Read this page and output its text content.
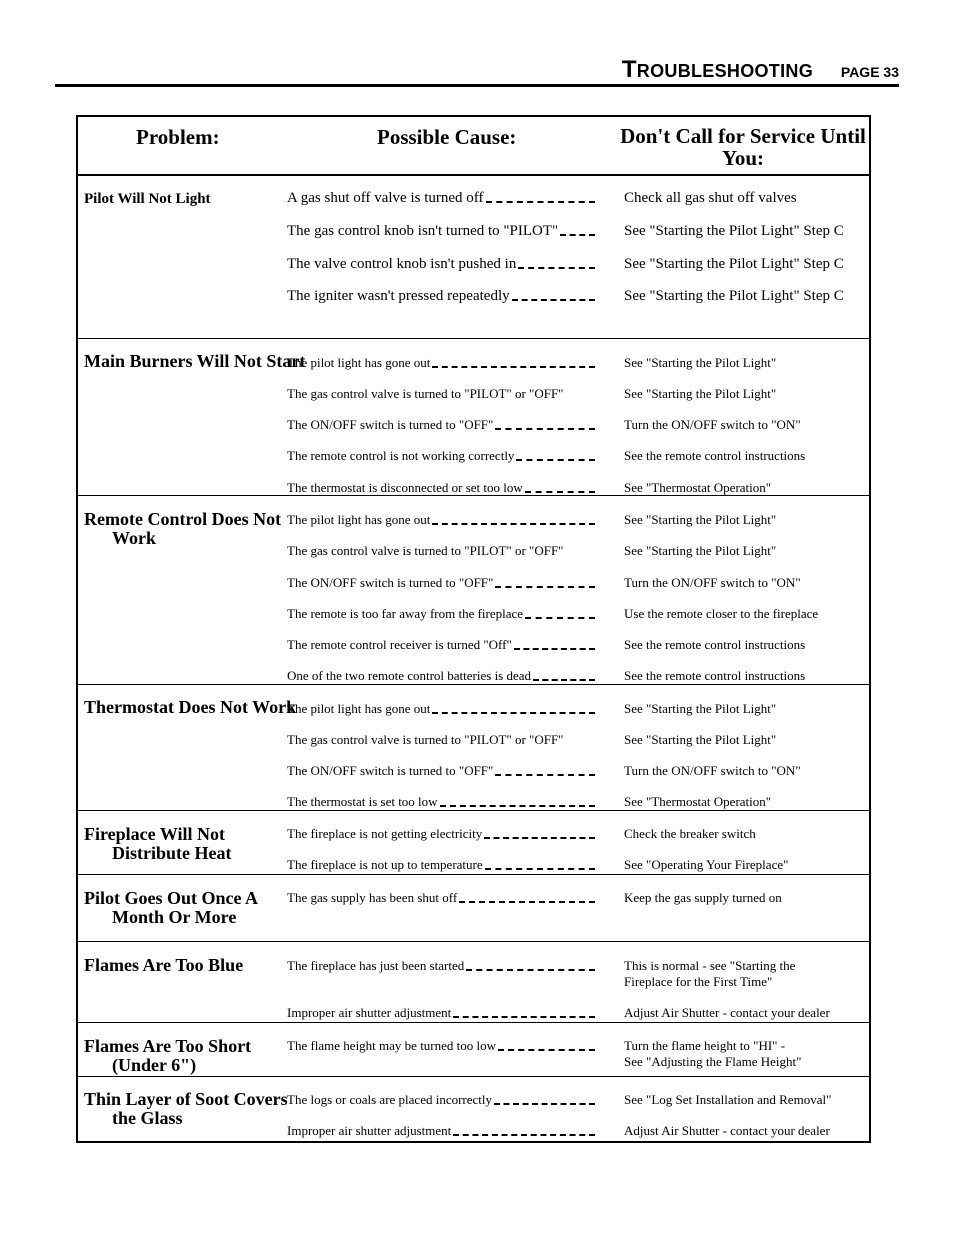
TROUBLESHOOTING PAGE 33
Problem:	Possible Cause:	Don't Call for Service Until You:
Pilot Will Not Light	A gas shut off valve is turned off	Check all gas shut off valves
The gas control knob isn't turned to "PILOT"	See "Starting the Pilot Light" Step C
The valve control knob isn't pushed in	See "Starting the Pilot Light" Step C
The igniter wasn't pressed repeatedly	See "Starting the Pilot Light" Step C
Main Burners Will Not Start
The pilot light has gone out	See "Starting the Pilot Light"
The gas control valve is turned to "PILOT" or "OFF"	See "Starting the Pilot Light"
The ON/OFF switch is turned to "OFF"	Turn the ON/OFF switch to "ON"
The remote control is not working correctly	See the remote control instructions
The thermostat is disconnected or set too low	See "Thermostat Operation"
Remote Control Does Not Work
The pilot light has gone out	See "Starting the Pilot Light"
The gas control valve is turned to "PILOT" or "OFF"	See "Starting the Pilot Light"
The ON/OFF switch is turned to "OFF"	Turn the ON/OFF switch to "ON"
The remote is too far away from the fireplace	Use the remote closer to the fireplace
The remote control receiver is turned "Off"	See the remote control instructions
One of the two remote control batteries is dead	See the remote control instructions
Thermostat Does Not Work
The pilot light has gone out	See "Starting the Pilot Light"
The gas control valve is turned to "PILOT" or "OFF"	See "Starting the Pilot Light"
The ON/OFF switch is turned to "OFF"	Turn the ON/OFF switch to "ON"
The thermostat is set too low	See "Thermostat Operation"
Fireplace Will Not Distribute Heat
The fireplace is not getting electricity	Check the breaker switch
The fireplace is not up to temperature	See "Operating Your Fireplace"
Pilot Goes Out Once A Month Or More
The gas supply has been shut off	Keep the gas supply turned on
Flames Are Too Blue	The fireplace has just been started	This is normal - see "Starting the
Fireplace for the First Time"
Improper air shutter adjustment	Adjust Air Shutter - contact your dealer
Flames Are Too Short (Under 6")
The flame height may be turned too low	Turn the flame height to "HI" -
See "Adjusting the Flame Height"
Thin Layer of Soot Covers the Glass
The logs or coals are placed incorrectly	See "Log Set Installation and Removal"
Improper air shutter adjustment	Adjust Air Shutter - contact your dealer
